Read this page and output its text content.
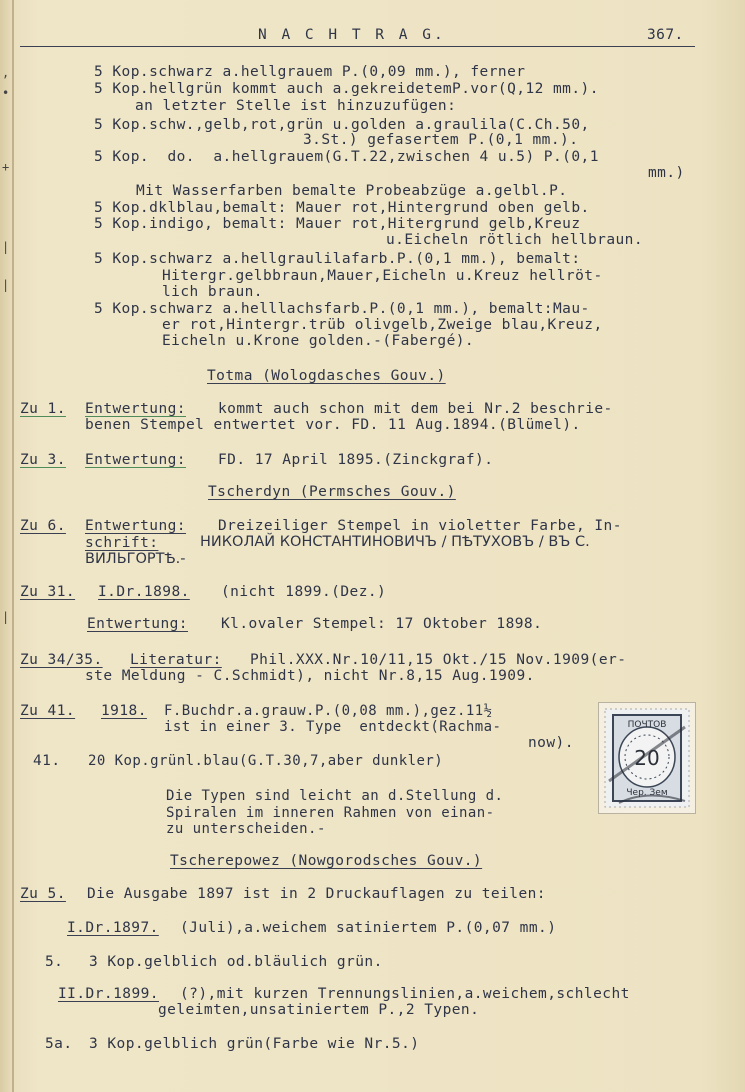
,
•
+
|
|
|
N A C H T R A G.	367.
5 Kop.schwarz a.hellgrauem P.(0,09 mm.), ferner
5 Kop.hellgrün kommt auch a.gekreidetemP.vor(Q,12 mm.).
an letzter Stelle ist hinzuzufügen:
5 Kop.schw.,gelb,rot,grün u.golden a.graulila(C.Ch.50,
3.St.) gefasertem P.(0,1 mm.).
5 Kop.  do.  a.hellgrauem(G.T.22,zwischen 4 u.5) P.(0,1
mm.)
Mit Wasserfarben bemalte Probeabzüge a.gelbl.P.
5 Kop.dklblau,bemalt: Mauer rot,Hintergrund oben gelb.
5 Kop.indigo, bemalt: Mauer rot,Hitergrund gelb,Kreuz
u.Eicheln rötlich hellbraun.
5 Kop.schwarz a.hellgraulilafarb.P.(0,1 mm.), bemalt:
Hitergr.gelbbraun,Mauer,Eicheln u.Kreuz hellröt-
lich braun.
5 Kop.schwarz a.helllachsfarb.P.(0,1 mm.), bemalt:Mau-
er rot,Hintergr.trüb olivgelb,Zweige blau,Kreuz,
Eicheln u.Krone golden.-(Fabergé).
Totma (Wologdasches Gouv.)
Zu 1. Entwertung: kommt auch schon mit dem bei Nr.2 beschrie-
benen Stempel entwertet vor. FD. 11 Aug.1894.(Blümel).
Zu 3. Entwertung: FD. 17 April 1895.(Zinckgraf).
Tscherdyn (Permsches Gouv.)
Zu 6. Entwertung: Dreizeiliger Stempel in violetter Farbe, In-
schrift:	НИКОЛАЙ КОНСТАНТИНОВИЧЪ / ПѢТУХОВЪ / ВЪ С.
ВИЛЬГОРТѢ.-
Zu 31. I.Dr.1898. (nicht 1899.(Dez.)
Entwertung: Kl.ovaler Stempel: 17 Oktober 1898.
Zu 34/35. Literatur: Phil.XXX.Nr.10/11,15 Okt./15 Nov.1909(er-
ste Meldung - C.Schmidt), nicht Nr.8,15 Aug.1909.
Zu 41. 1918. F.Buchdr.a.grauw.P.(0,08 mm.),gez.11½
ist in einer 3. Type  entdeckt(Rachma-
now).
41. 20 Kop.grünl.blau(G.T.30,7,aber dunkler)
Die Typen sind leicht an d.Stellung d.
Spiralen im inneren Rahmen von einan-
zu unterscheiden.-
ПОЧТОВ
20
Чер. Зем
Tscherepowez (Nowgorodsches Gouv.)
Zu 5. Die Ausgabe 1897 ist in 2 Druckauflagen zu teilen:
I.Dr.1897. (Juli),a.weichem satiniertem P.(0,07 mm.)
5. 3 Kop.gelblich od.bläulich grün.
II.Dr.1899. (?),mit kurzen Trennungslinien,a.weichem,schlecht
geleimten,unsatiniertem P.,2 Typen.
5a. 3 Kop.gelblich grün(Farbe wie Nr.5.)
